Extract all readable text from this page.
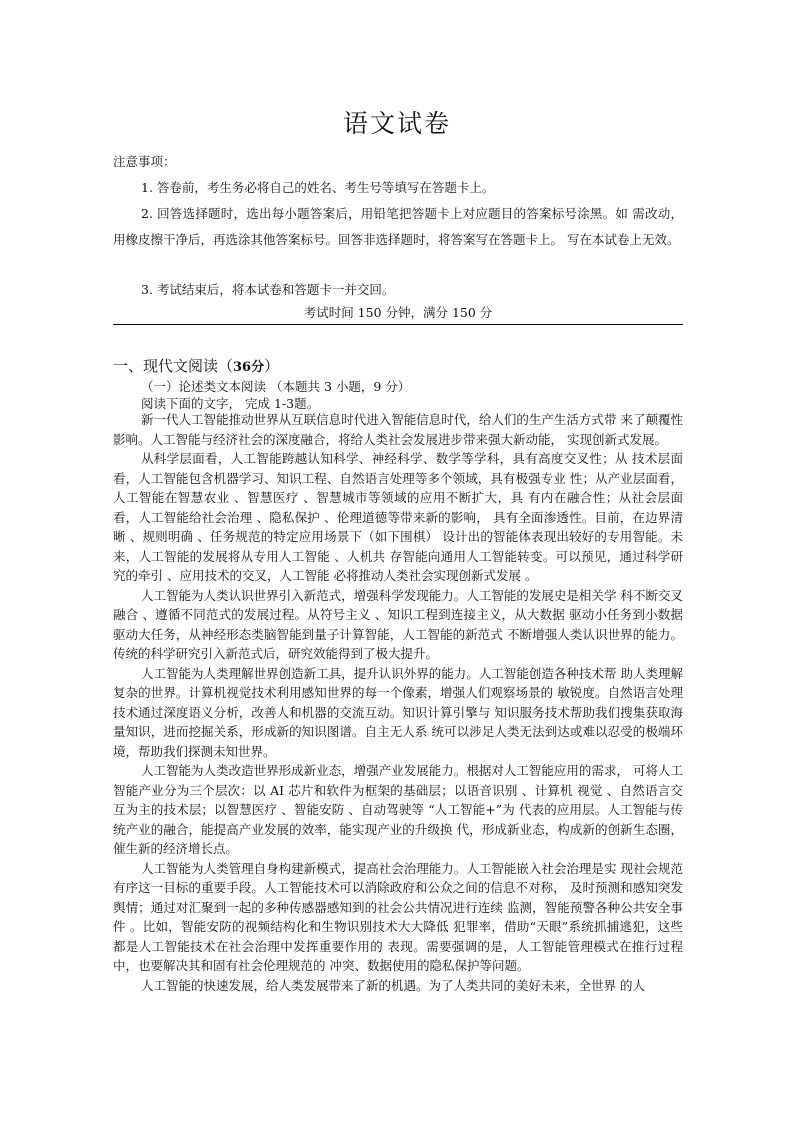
语文试卷
注意事项：

1. 答卷前，考生务必将自己的姓名、考生号等填写在答题卡上。

2. 回答选择题时，选出每小题答案后，用铅笔把答题卡上对应题目的答案标号涂黑。如 需改动，用橡皮擦干净后，再选涂其他答案标号。回答非选择题时，将答案写在答题卡上。 写在本试卷上无效。

3. 考试结束后，将本试卷和答题卡一并交回。

考试时间 150 分钟，满分 150 分
一、现代文阅读（36分）
（一）论述类文本阅读 （本题共 3 小题，9 分）
阅读下面的文字， 完成 1-3题。

新一代人工智能推动世界从互联信息时代进入智能信息时代，给人们的生产生活方式带 来了颠覆性影响。人工智能与经济社会的深度融合，将给人类社会发展进步带来强大新动能， 实现创新式发展。

从科学层面看，人工智能跨越认知科学、神经科学、数学等学科，具有高度交叉性；从 技术层面看，人工智能包含机器学习、知识工程、自然语言处理等多个领域，具有极强专业 性；从产业层面看，人工智能在智慧农业 、智慧医疗 、智慧城市等领域的应用不断扩大，具 有内在融合性；从社会层面看，人工智能给社会治理 、隐私保护 、伦理道德等带来新的影响， 具有全面渗透性。目前，在边界清晰 、规则明确 、任务规范的特定应用场景下（如下围棋） 设计出的智能体表现出较好的专用智能。未来，人工智能的发展将从专用人工智能 、人机共 存智能向通用人工智能转变。可以预见，通过科学研究的牵引 、应用技术的交叉，人工智能 必将推动人类社会实现创新式发展 。

人工智能为人类认识世界引入新范式，增强科学发现能力。人工智能的发展史是相关学 科不断交叉融合 、遵循不同范式的发展过程。从符号主义 、知识工程到连接主义，从大数据 驱动小任务到小数据驱动大任务，从神经形态类脑智能到量子计算智能，人工智能的新范式 不断增强人类认识世界的能力。传统的科学研究引入新范式后，研究效能得到了极大提升。

人工智能为人类理解世界创造新工具，提升认识外界的能力。人工智能创造各种技术帮 助人类理解复杂的世界。计算机视觉技术利用感知世界的每一个像素，增强人们观察场景的 敏锐度。自然语言处理技术通过深度语义分析，改善人和机器的交流互动。知识计算引擎与 知识服务技术帮助我们搜集获取海量知识，进而挖掘关系，形成新的知识图谱。自主无人系 统可以涉足人类无法到达或难以忍受的极端环境，帮助我们探测未知世界。

人工智能为人类改造世界形成新业态，增强产业发展能力。根据对人工智能应用的需求， 可将人工智能产业分为三个层次：以 AI 芯片和软件为框架的基础层；以语音识别 、计算机 视觉 、自然语言交互为主的技术层；以智慧医疗 、智能安防 、自动驾驶等 “人工智能+”为 代表的应用层。人工智能与传统产业的融合，能提高产业发展的效率，能实现产业的升级换 代，形成新业态，构成新的创新生态圈，催生新的经济增长点。

人工智能为人类管理自身构建新模式，提高社会治理能力。人工智能嵌入社会治理是实 现社会规范有序这一目标的重要手段。人工智能技术可以消除政府和公众之间的信息不对称， 及时预测和感知突发舆情；通过对汇聚到一起的多种传感器感知到的社会公共情况进行连续 监测，智能预警各种公共安全事件 。比如，智能安防的视频结构化和生物识别技术大大降低 犯罪率，借助“天眼”系统抓捕逃犯，这些都是人工智能技术在社会治理中发挥重要作用的 表现。需要强调的是，人工智能管理模式在推行过程中，也要解决其和固有社会伦理规范的 冲突、数据使用的隐私保护等问题。

人工智能的快速发展，给人类发展带来了新的机遇。为了人类共同的美好未来，全世界 的人
